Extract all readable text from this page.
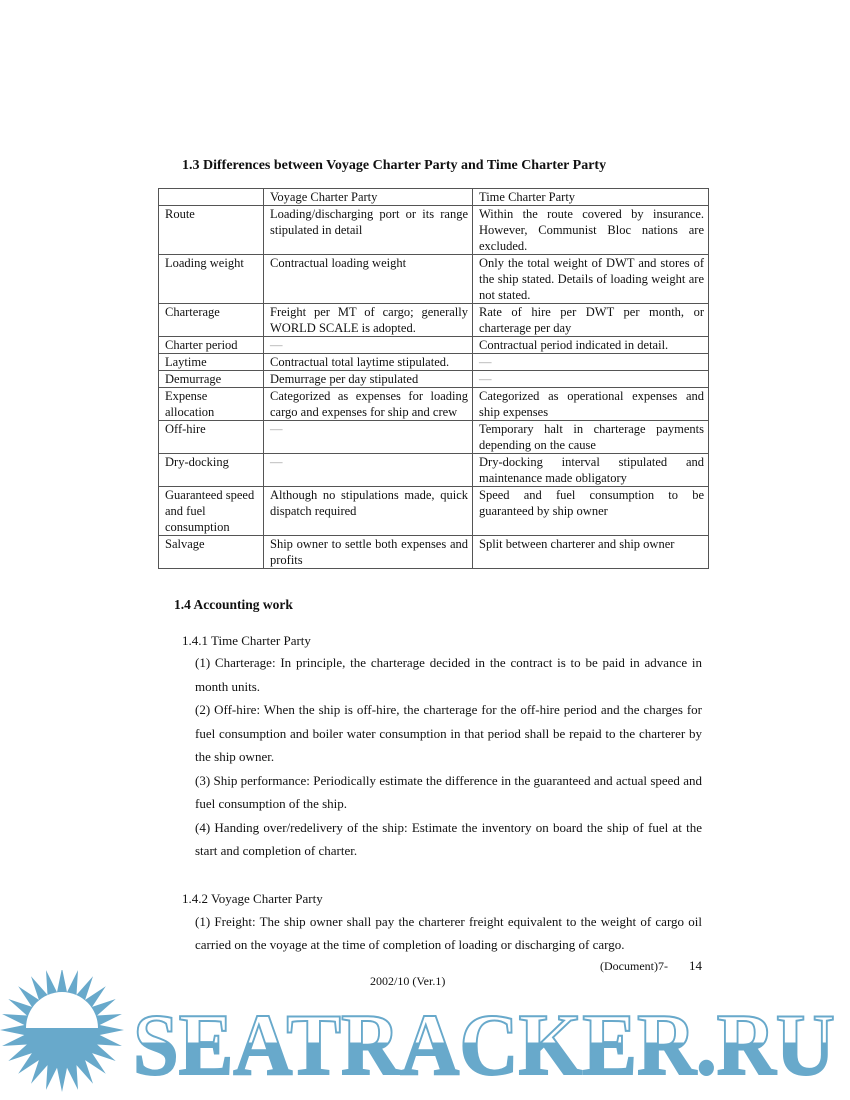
1.3 Differences between Voyage Charter Party and Time Charter Party
	Voyage Charter Party	Time Charter Party
Route	Loading/discharging port or its range stipulated in detail	Within the route covered by insurance. However, Communist Bloc nations are excluded.
Loading weight	Contractual loading weight	Only the total weight of DWT and stores of the ship stated. Details of loading weight are not stated.
Charterage	Freight per MT of cargo; generally WORLD SCALE is adopted.	Rate of hire per DWT per month, or charterage per day
Charter period	—	Contractual period indicated in detail.
Laytime	Contractual total laytime stipulated.	—
Demurrage	Demurrage per day stipulated	—
Expense allocation	Categorized as expenses for loading cargo and expenses for ship and crew	Categorized as operational expenses and ship expenses
Off-hire	—	Temporary halt in charterage payments depending on the cause
Dry-docking	—	Dry-docking interval stipulated and maintenance made obligatory
Guaranteed speed and fuel consumption	Although no stipulations made, quick dispatch required	Speed and fuel consumption to be guaranteed by ship owner
Salvage	Ship owner to settle both expenses and profits	Split between charterer and ship owner
1.4 Accounting work
1.4.1 Time Charter Party
(1) Charterage: In principle, the charterage decided in the contract is to be paid in advance in month units.
(2) Off-hire: When the ship is off-hire, the charterage for the off-hire period and the charges for fuel consumption and boiler water consumption in that period shall be repaid to the charterer by the ship owner.
(3) Ship performance: Periodically estimate the difference in the guaranteed and actual speed and fuel consumption of the ship.
(4) Handing over/redelivery of the ship: Estimate the inventory on board the ship of fuel at the start and completion of charter.
1.4.2 Voyage Charter Party
(1) Freight: The ship owner shall pay the charterer freight equivalent to the weight of cargo oil carried on the voyage at the time of completion of loading or discharging of cargo.
(Document)7- 14
2002/10 (Ver.1)
SEATRACKER.RU
